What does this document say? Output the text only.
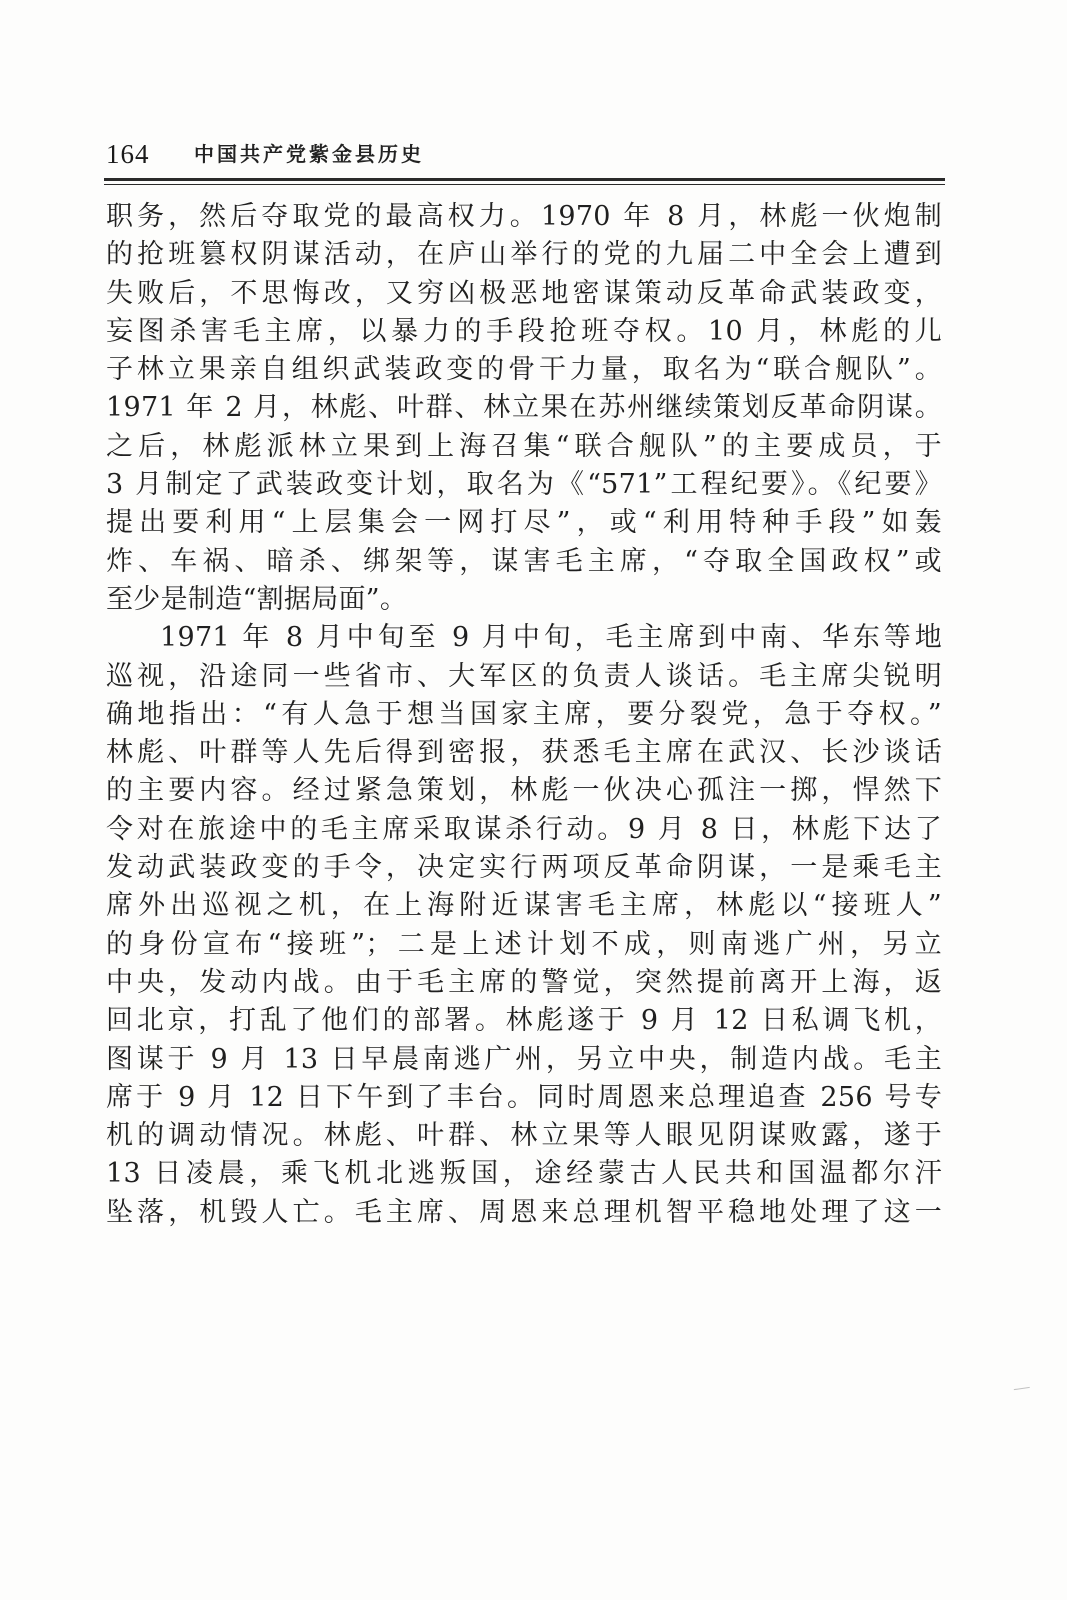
164 中国共产党紫金县历史
职务，然后夺取党的最高权力。1970 年 8 月，林彪一伙炮制
的抢班篡权阴谋活动，在庐山举行的党的九届二中全会上遭到
失败后，不思悔改，又穷凶极恶地密谋策动反革命武装政变，
妄图杀害毛主席，以暴力的手段抢班夺权。10 月，林彪的儿
子林立果亲自组织武装政变的骨干力量，取名为“联合舰队”。
1971 年 2 月，林彪、叶群、林立果在苏州继续策划反革命阴谋。
之后，林彪派林立果到上海召集“联合舰队”的主要成员，于
3 月制定了武装政变计划，取名为《“571”工程纪要》。《纪要》
提出要利用“上层集会一网打尽”，或“利用特种手段”如轰
炸、车祸、暗杀、绑架等，谋害毛主席，“夺取全国政权”或
至少是制造“割据局面”。
1971 年 8 月中旬至 9 月中旬，毛主席到中南、华东等地
巡视，沿途同一些省市、大军区的负责人谈话。毛主席尖锐明
确地指出：“有人急于想当国家主席，要分裂党，急于夺权。”
林彪、叶群等人先后得到密报，获悉毛主席在武汉、长沙谈话
的主要内容。经过紧急策划，林彪一伙决心孤注一掷，悍然下
令对在旅途中的毛主席采取谋杀行动。9 月 8 日，林彪下达了
发动武装政变的手令，决定实行两项反革命阴谋，一是乘毛主
席外出巡视之机，在上海附近谋害毛主席，林彪以“接班人”
的身份宣布“接班”；二是上述计划不成，则南逃广州，另立
中央，发动内战。由于毛主席的警觉，突然提前离开上海，返
回北京，打乱了他们的部署。林彪遂于 9 月 12 日私调飞机，
图谋于 9 月 13 日早晨南逃广州，另立中央，制造内战。毛主
席于 9 月 12 日下午到了丰台。同时周恩来总理追查 256 号专
机的调动情况。林彪、叶群、林立果等人眼见阴谋败露，遂于
13 日凌晨，乘飞机北逃叛国，途经蒙古人民共和国温都尔汗
坠落，机毁人亡。毛主席、周恩来总理机智平稳地处理了这一
